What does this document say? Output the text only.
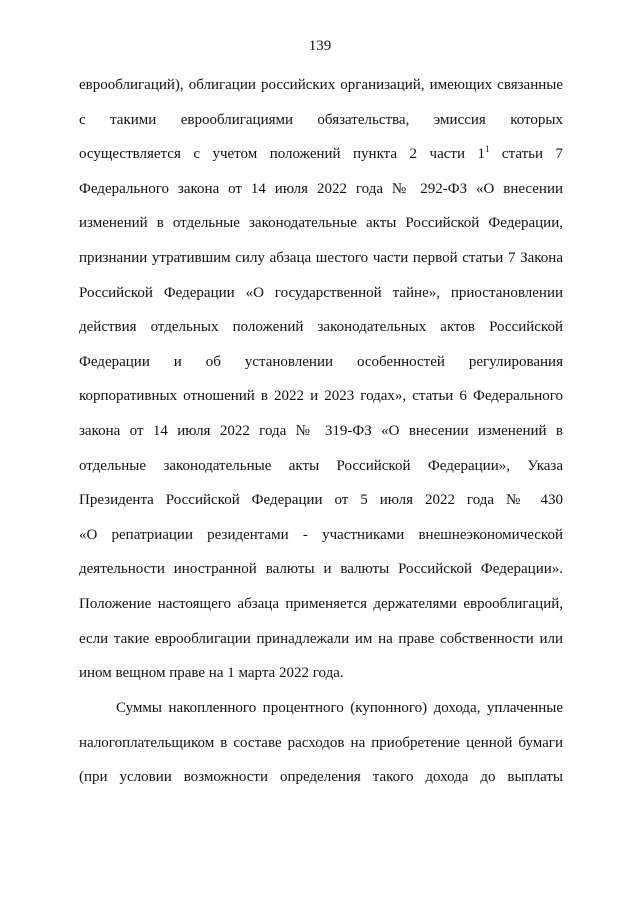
139
еврооблигаций), облигации российских организаций, имеющих связанные
с такими еврооблигациями обязательства, эмиссия которых
осуществляется с учетом положений пункта 2 части $1^1$ статьи 7
Федерального закона от 14 июля 2022 года № 292-ФЗ «О внесении
изменений в отдельные законодательные акты Российской Федерации,
признании утратившим силу абзаца шестого части первой статьи 7 Закона
Российской Федерации «О государственной тайне», приостановлении
действия отдельных положений законодательных актов Российской
Федерации и об установлении особенностей регулирования
корпоративных отношений в 2022 и 2023 годах», статьи 6 Федерального
закона от 14 июля 2022 года № 319-ФЗ «О внесении изменений в
отдельные законодательные акты Российской Федерации», Указа
Президента Российской Федерации от 5 июля 2022 года № 430
«О репатриации резидентами - участниками внешнеэкономической
деятельности иностранной валюты и валюты Российской Федерации».
Положение настоящего абзаца применяется держателями еврооблигаций,
если такие еврооблигации принадлежали им на праве собственности или
ином вещном праве на 1 марта 2022 года.
Суммы накопленного процентного (купонного) дохода, уплаченные
налогоплательщиком в составе расходов на приобретение ценной бумаги
(при условии возможности определения такого дохода до выплаты
